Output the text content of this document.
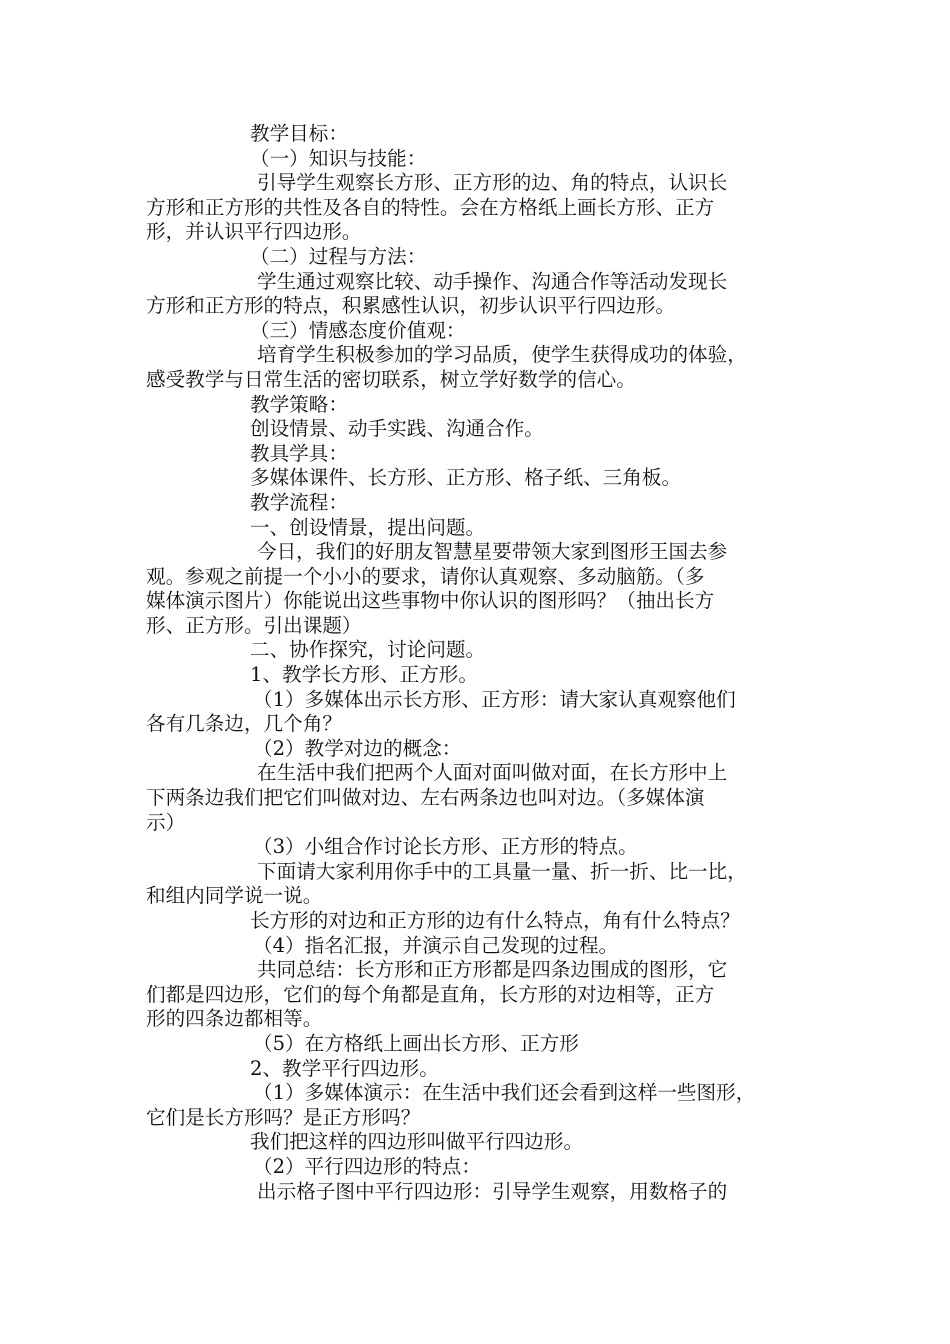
教学目标：
（一）知识与技能：
引导学生观察长方形、正方形的边、角的特点，认识长
方形和正方形的共性及各自的特性。会在方格纸上画长方形、正方
形，并认识平行四边形。
（二）过程与方法：
学生通过观察比较、动手操作、沟通合作等活动发现长
方形和正方形的特点，积累感性认识，初步认识平行四边形。
（三）情感态度价值观：
培育学生积极参加的学习品质，使学生获得成功的体验，
感受教学与日常生活的密切联系，树立学好数学的信心。
教学策略：
创设情景、动手实践、沟通合作。
教具学具：
多媒体课件、长方形、正方形、格子纸、三角板。
教学流程：
一、创设情景，提出问题。
今日，我们的好朋友智慧星要带领大家到图形王国去参
观。参观之前提一个小小的要求，请你认真观察、多动脑筋。（多
媒体演示图片）你能说出这些事物中你认识的图形吗？（抽出长方
形、正方形。引出课题）
二、协作探究，讨论问题。
1、教学长方形、正方形。
（1）多媒体出示长方形、正方形：请大家认真观察他们
各有几条边，几个角？
（2）教学对边的概念：
在生活中我们把两个人面对面叫做对面，在长方形中上
下两条边我们把它们叫做对边、左右两条边也叫对边。（多媒体演
示）
（3）小组合作讨论长方形、正方形的特点。
下面请大家利用你手中的工具量一量、折一折、比一比，
和组内同学说一说。
长方形的对边和正方形的边有什么特点，角有什么特点？
（4）指名汇报，并演示自己发现的过程。
共同总结：长方形和正方形都是四条边围成的图形，它
们都是四边形，它们的每个角都是直角，长方形的对边相等，正方
形的四条边都相等。
（5）在方格纸上画出长方形、正方形
2、教学平行四边形。
（1）多媒体演示：在生活中我们还会看到这样一些图形，
它们是长方形吗？是正方形吗？
我们把这样的四边形叫做平行四边形。
（2）平行四边形的特点：
出示格子图中平行四边形：引导学生观察，用数格子的
